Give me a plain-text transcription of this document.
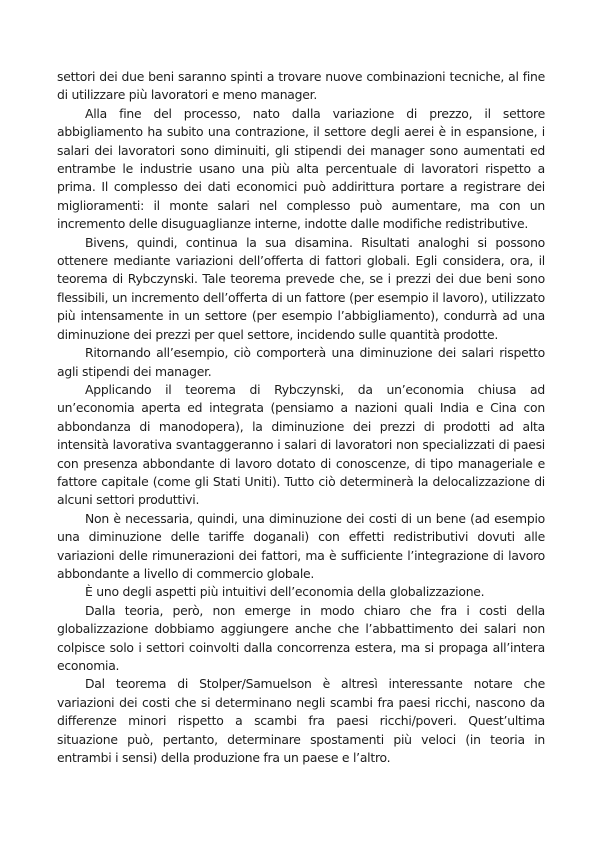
settori dei due beni saranno spinti a trovare nuove combinazioni tecniche, al fine di utilizzare più lavoratori e meno manager.

Alla fine del processo, nato dalla variazione di prezzo, il settore abbigliamento ha subito una contrazione, il settore degli aerei è in espansione, i salari dei lavoratori sono diminuiti, gli stipendi dei manager sono aumentati ed entrambe le industrie usano una più alta percentuale di lavoratori rispetto a prima. Il complesso dei dati economici può addirittura portare a registrare dei miglioramenti: il monte salari nel complesso può aumentare, ma con un incremento delle disuguaglianze interne, indotte dalle modifiche redistributive.

Bivens, quindi, continua la sua disamina. Risultati analoghi si possono ottenere mediante variazioni dell’offerta di fattori globali. Egli considera, ora, il teorema di Rybczynski. Tale teorema prevede che, se i prezzi dei due beni sono flessibili, un incremento dell’offerta di un fattore (per esempio il lavoro), utilizzato più intensamente in un settore (per esempio l’abbigliamento), condurrà ad una diminuzione dei prezzi per quel settore, incidendo sulle quantità prodotte.

Ritornando all’esempio, ciò comporterà una diminuzione dei salari rispetto agli stipendi dei manager.

Applicando il teorema di Rybczynski, da un’economia chiusa ad un’economia aperta ed integrata (pensiamo a nazioni quali India e Cina con abbondanza di manodopera), la diminuzione dei prezzi di prodotti ad alta intensità lavorativa svantaggeranno i salari di lavoratori non specializzati di paesi con presenza abbondante di lavoro dotato di conoscenze, di tipo manageriale e fattore capitale (come gli Stati Uniti). Tutto ciò determinerà la delocalizzazione di alcuni settori produttivi.

Non è necessaria, quindi, una diminuzione dei costi di un bene (ad esempio una diminuzione delle tariffe doganali) con effetti redistributivi dovuti alle variazioni delle rimunerazioni dei fattori, ma è sufficiente l’integrazione di lavoro abbondante a livello di commercio globale.

È uno degli aspetti più intuitivi dell’economia della globalizzazione.

Dalla teoria, però, non emerge in modo chiaro che fra i costi della globalizzazione dobbiamo aggiungere anche che l’abbattimento dei salari non colpisce solo i settori coinvolti dalla concorrenza estera, ma si propaga all’intera economia.

Dal teorema di Stolper/Samuelson è altresì interessante notare che variazioni dei costi che si determinano negli scambi fra paesi ricchi, nascono da differenze minori rispetto a scambi fra paesi ricchi/poveri. Quest’ultima situazione può, pertanto, determinare spostamenti più veloci (in teoria in entrambi i sensi) della produzione fra un paese e l’altro.
